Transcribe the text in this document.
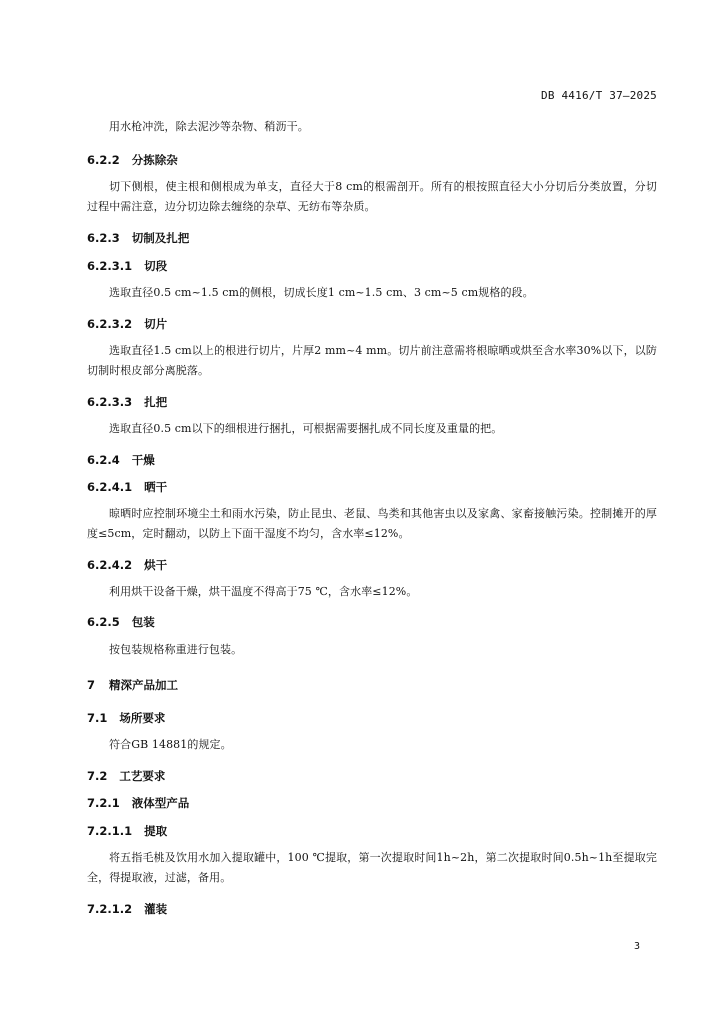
DB 4416/T 37—2025
用水枪冲洗，除去泥沙等杂物、稍沥干。
6.2.2 分拣除杂
切下侧根，使主根和侧根成为单支，直径大于8 cm的根需剖开。所有的根按照直径大小分切后分类放置，分切过程中需注意，边分切边除去缠绕的杂草、无纺布等杂质。
6.2.3 切制及扎把
6.2.3.1 切段
选取直径0.5 cm~1.5 cm的侧根，切成长度1 cm~1.5 cm、3 cm~5 cm规格的段。
6.2.3.2 切片
选取直径1.5 cm以上的根进行切片，片厚2 mm~4 mm。切片前注意需将根晾晒或烘至含水率30%以下，以防切制时根皮部分离脱落。
6.2.3.3 扎把
选取直径0.5 cm以下的细根进行捆扎，可根据需要捆扎成不同长度及重量的把。
6.2.4 干燥
6.2.4.1 晒干
晾晒时应控制环境尘土和雨水污染，防止昆虫、老鼠、鸟类和其他害虫以及家禽、家畜接触污染。控制摊开的厚度≤5cm，定时翻动，以防上下面干湿度不均匀，含水率≤12%。
6.2.4.2 烘干
利用烘干设备干燥，烘干温度不得高于75 ℃，含水率≤12%。
6.2.5 包装
按包装规格称重进行包装。
7 精深产品加工
7.1 场所要求
符合GB 14881的规定。
7.2 工艺要求
7.2.1 液体型产品
7.2.1.1 提取
将五指毛桃及饮用水加入提取罐中，100 ℃提取，第一次提取时间1h~2h，第二次提取时间0.5h~1h至提取完全，得提取液，过滤，备用。
7.2.1.2 灌装
3
